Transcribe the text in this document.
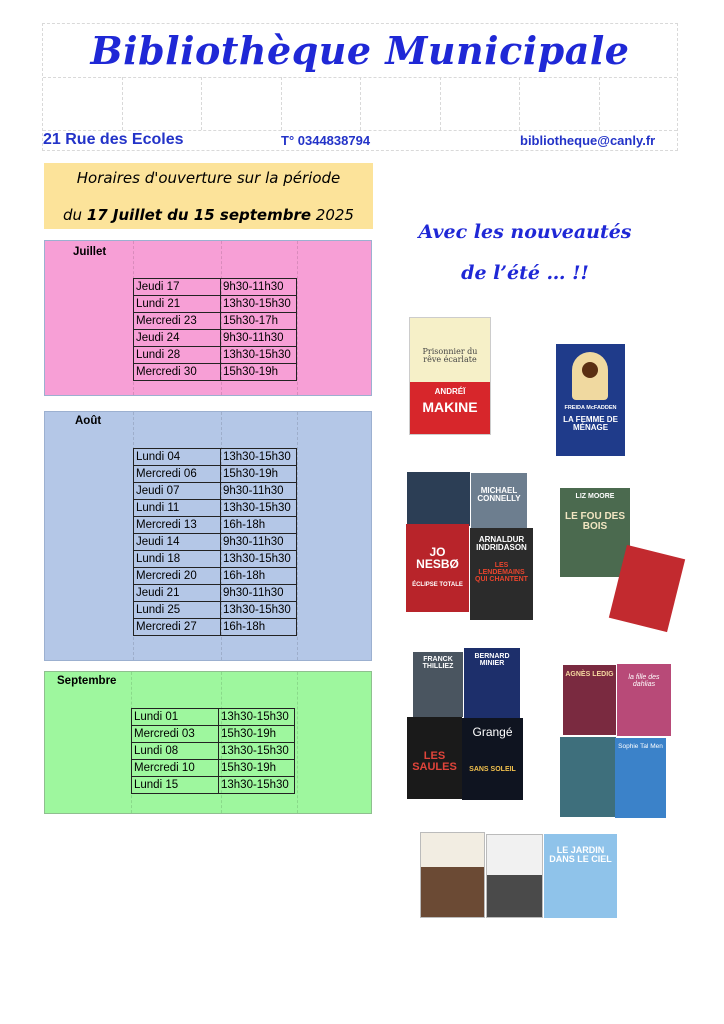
Bibliothèque Municipale
21 Rue des Ecoles	T° 0344838794	bibliotheque@canly.fr
Horaires d'ouverture sur la période
du 17 Juillet du 15 septembre 2025
Juillet
Jeudi 17	9h30-11h30
Lundi 21	13h30-15h30
Mercredi 23	15h30-17h
Jeudi 24	9h30-11h30
Lundi 28	13h30-15h30
Mercredi 30	15h30-19h
Août
Lundi 04	13h30-15h30
Mercredi 06	15h30-19h
Jeudi 07	9h30-11h30
Lundi 11	13h30-15h30
Mercredi 13	16h-18h
Jeudi 14	9h30-11h30
Lundi 18	13h30-15h30
Mercredi 20	16h-18h
Jeudi 21	9h30-11h30
Lundi 25	13h30-15h30
Mercredi 27	16h-18h
Septembre
Lundi 01	13h30-15h30
Mercredi 03	15h30-19h
Lundi 08	13h30-15h30
Mercredi 10	15h30-19h
Lundi 15	13h30-15h30
Avec les nouveautés
de l’été … !!
Prisonnier du rêve écarlate
ANDRÉÏ
MAKINE	FREIDA McFADDEN
LA FEMME DE MÉNAGE
MICHAEL CONNELLY
JO NESBØ
ÉCLIPSE TOTALE
ARNALDUR INDRIDASON
LES LENDEMAINS QUI CHANTENT
LIZ MOORE
LE FOU DES BOIS
FRANCK THILLIEZ
BERNARD MINIER
LES SAULES
Grangé
SANS SOLEIL
AGNÈS LEDIG	la fille des dahlias
Sophie Tal Men
LE JARDIN DANS LE CIEL
